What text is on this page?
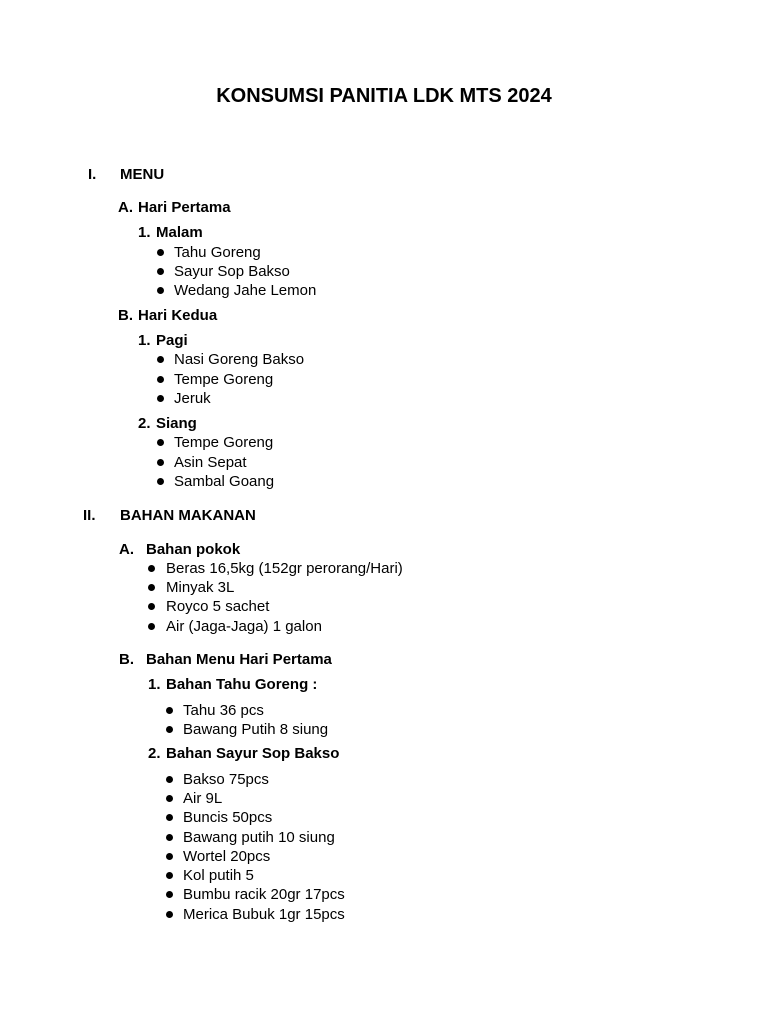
KONSUMSI PANITIA LDK MTS 2024
I. MENU
A. Hari Pertama
1. Malam
Tahu Goreng
Sayur Sop Bakso
Wedang Jahe Lemon
B. Hari Kedua
1. Pagi
Nasi Goreng Bakso
Tempe Goreng
Jeruk
2. Siang
Tempe Goreng
Asin Sepat
Sambal Goang
II. BAHAN MAKANAN
A. Bahan pokok
Beras 16,5kg (152gr perorang/Hari)
Minyak 3L
Royco 5 sachet
Air (Jaga-Jaga) 1 galon
B. Bahan Menu Hari Pertama
1. Bahan Tahu Goreng :
Tahu 36 pcs
Bawang Putih 8 siung
2. Bahan Sayur Sop Bakso
Bakso 75pcs
Air 9L
Buncis 50pcs
Bawang putih 10 siung
Wortel 20pcs
Kol putih 5
Bumbu racik 20gr 17pcs
Merica Bubuk 1gr 15pcs
